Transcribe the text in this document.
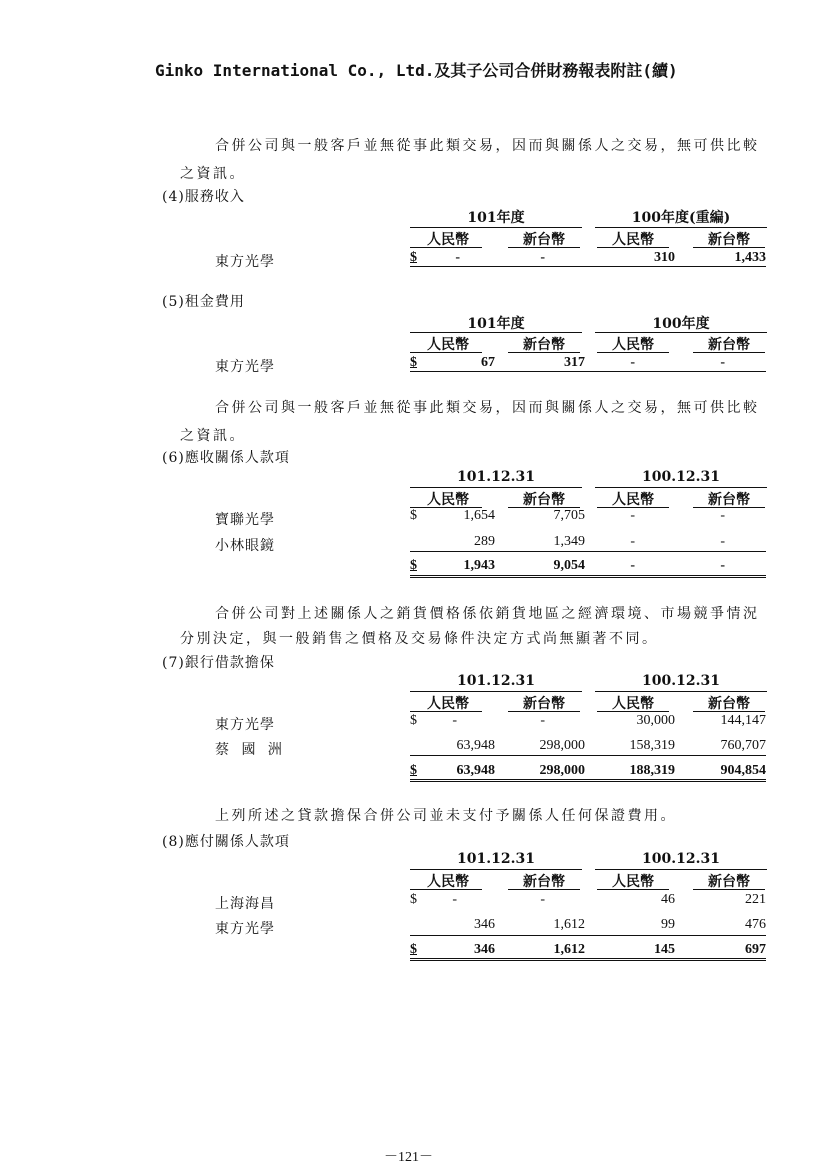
Ginko International Co., Ltd.及其子公司合併財務報表附註(續)
合併公司與一般客戶並無從事此類交易，因而與關係人之交易，無可供比較
之資訊。
(4)服務收入
101年度	100年度(重編)
人民幣	新台幣	人民幣	新台幣
東方光學	$	-	-	310	1,433
(5)租金費用
101年度	100年度
人民幣	新台幣	人民幣	新台幣
東方光學	$	67	317	-	-
合併公司與一般客戶並無從事此類交易，因而與關係人之交易，無可供比較
之資訊。
(6)應收關係人款項
101.12.31	100.12.31
人民幣	新台幣	人民幣	新台幣
寶聯光學	$	1,654	7,705	-	-
小林眼鏡	289	1,349	-	-
$	1,943	9,054	-	-
合併公司對上述關係人之銷貨價格係依銷貨地區之經濟環境、市場競爭情況
分別決定，與一般銷售之價格及交易條件決定方式尚無顯著不同。
(7)銀行借款擔保
101.12.31	100.12.31
人民幣	新台幣	人民幣	新台幣
東方光學	$	-	-	30,000	144,147
蔡 國 洲	63,948	298,000	158,319	760,707
$	63,948	298,000	188,319	904,854
上列所述之貸款擔保合併公司並未支付予關係人任何保證費用。
(8)應付關係人款項
101.12.31	100.12.31
人民幣	新台幣	人民幣	新台幣
上海海昌	$	-	-	46	221
東方光學	346	1,612	99	476
$	346	1,612	145	697
－121－
